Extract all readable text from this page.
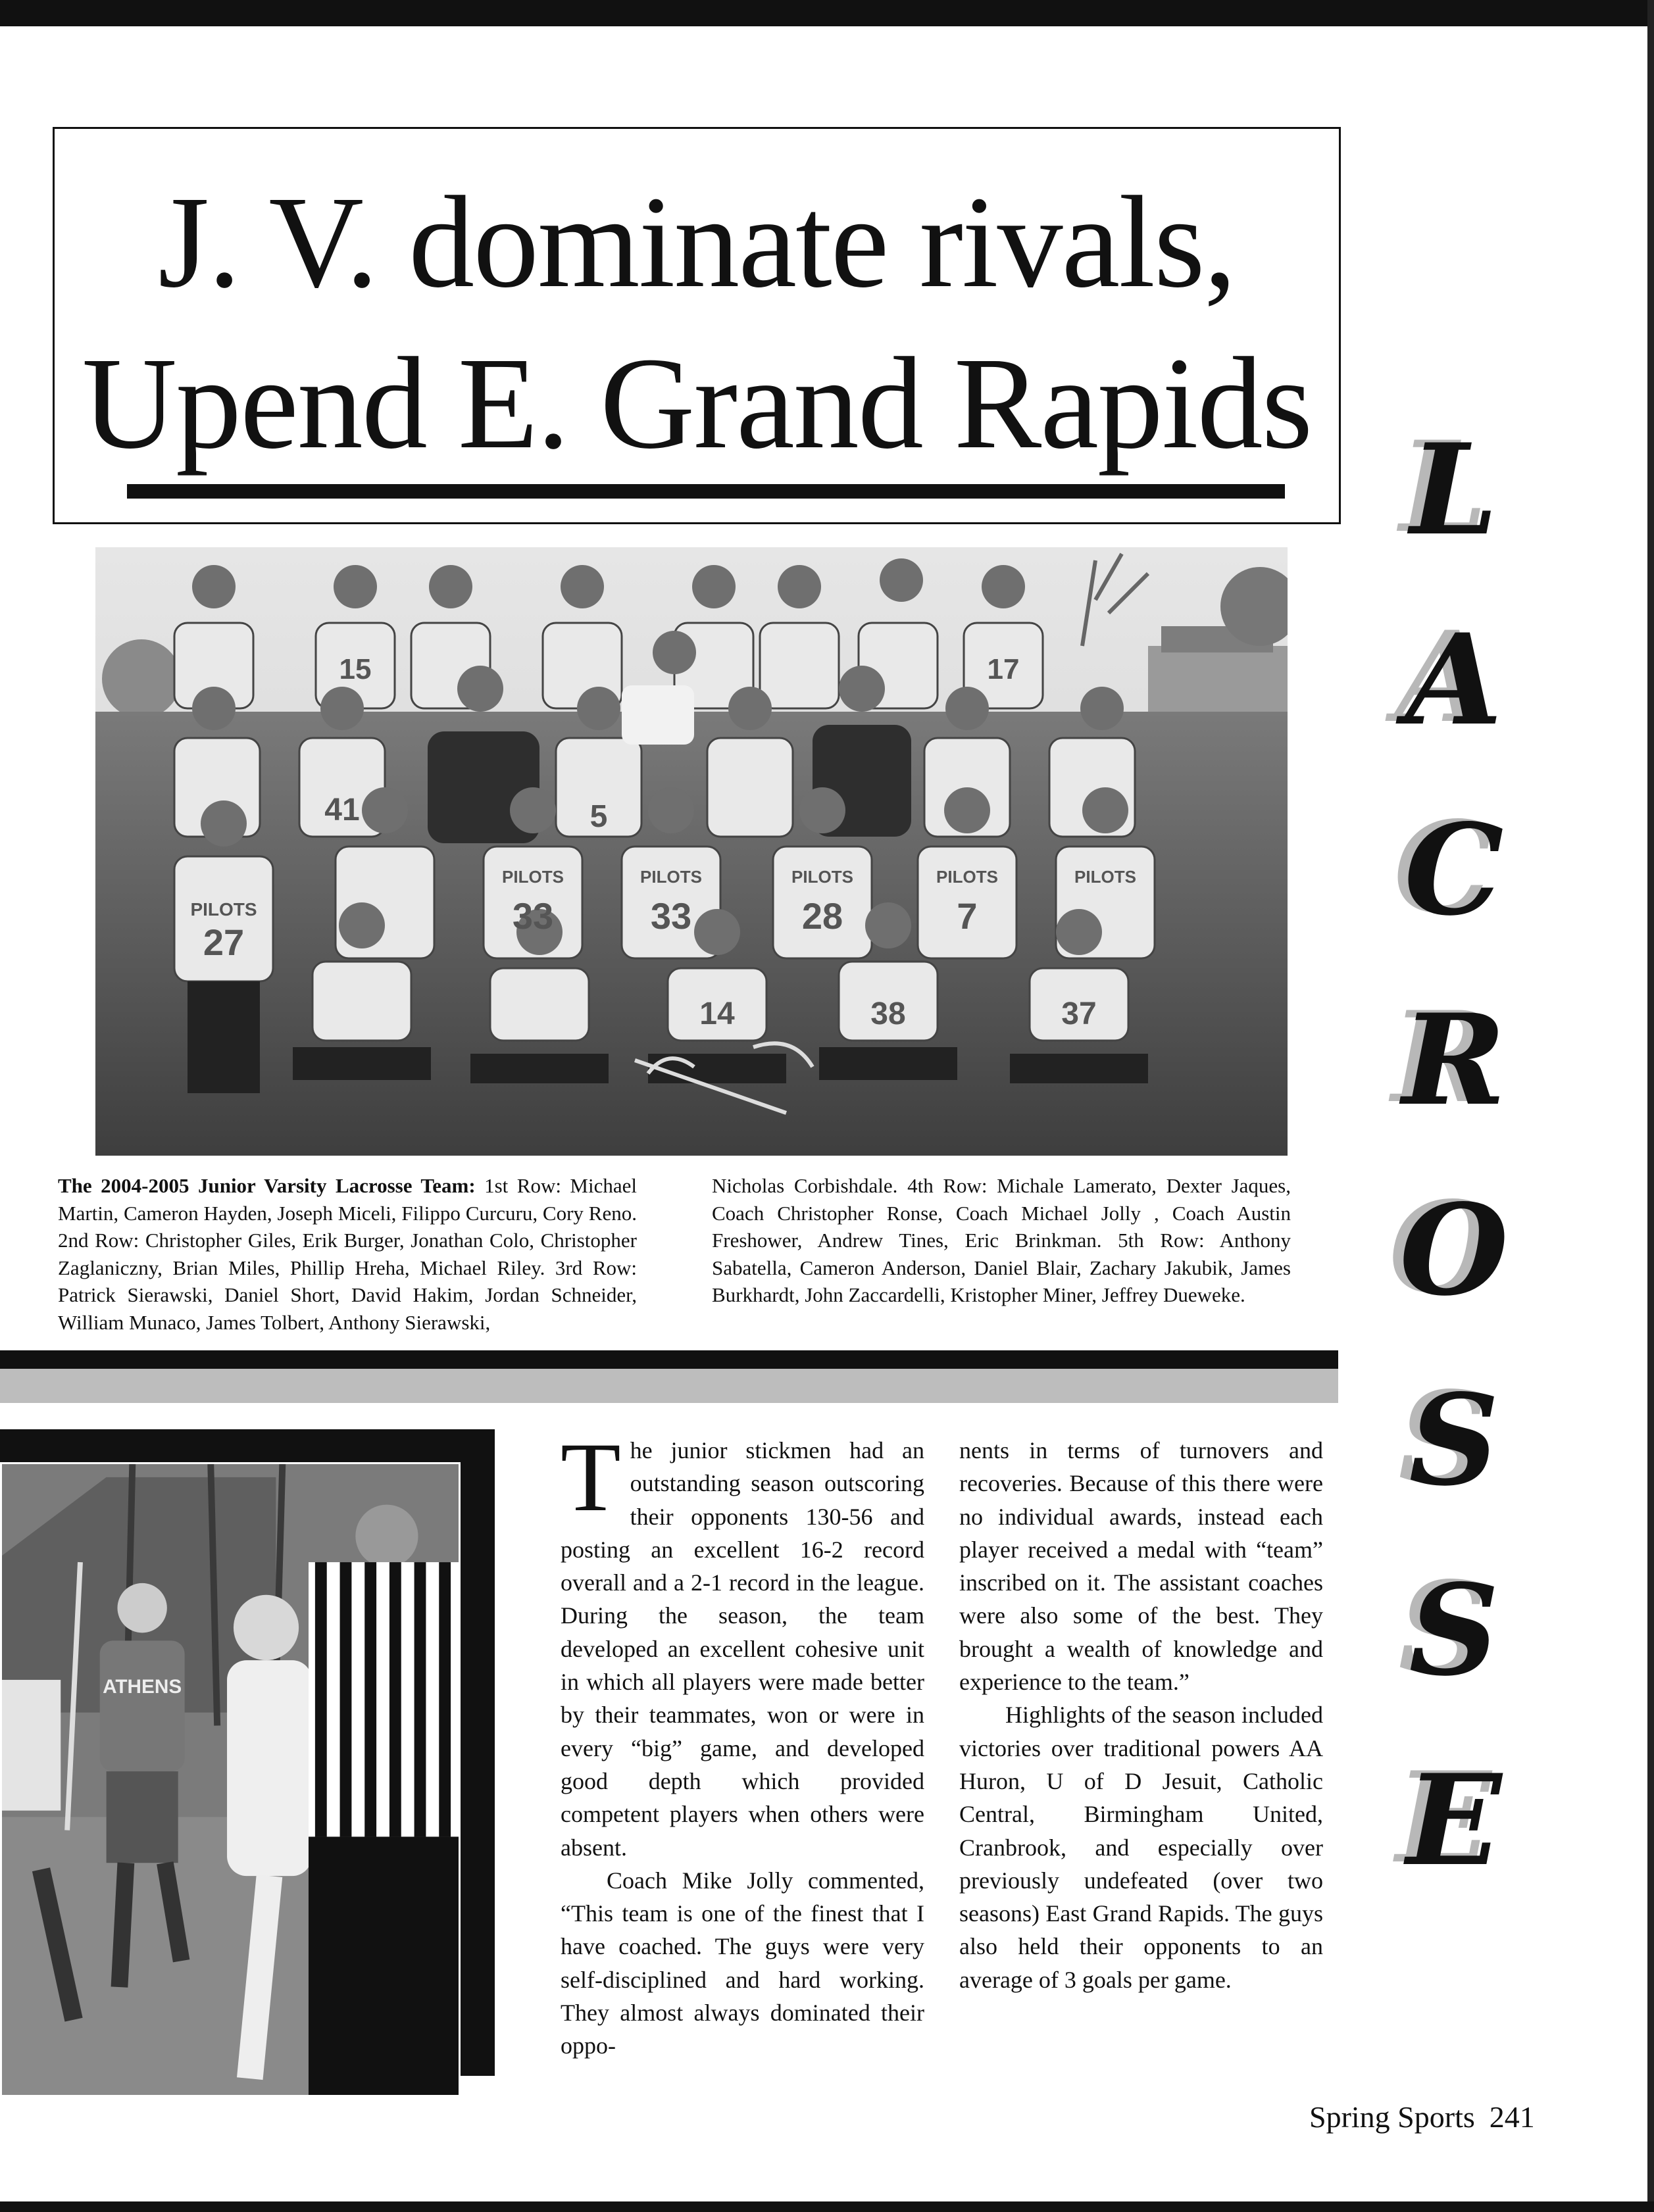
J. V. dominate rivals,
Upend E. Grand Rapids
L
A
C
R
O
S
S
E
27
41	5
33	33	28	7
15	17
14	38	37
PILOTS
PILOTS	PILOTS	PILOTS	PILOTS	PILOTS

The 2004-2005 Junior Varsity Lacrosse Team: 1st Row: Michael Martin, Cameron Hayden, Joseph Miceli, Filippo Curcuru, Cory Reno. 2nd Row: Christopher Giles, Erik Burger, Jonathan Colo, Christopher Zaglaniczny, Brian Miles, Phillip Hreha, Michael Riley. 3rd Row: Patrick Sierawski, Daniel Short, David Hakim, Jordan Schneider, William Munaco, James Tolbert, Anthony Sierawski,

Nicholas Corbishdale. 4th Row: Michale Lamerato, Dexter Jaques, Coach Christopher Ronse, Coach Michael Jolly , Coach Austin Freshower, Andrew Tines, Eric Brinkman. 5th Row: Anthony Sabatella, Cameron Anderson, Daniel Blair, Zachary Jakubik, James Burkhardt, John Zaccardelli, Kristopher Miner, Jeffrey Dueweke.

ATHENS

The junior stickmen had an outstanding season outscoring their opponents 130-56 and posting an excellent 16-2 record overall and a 2-1 record in the league. During the season, the team developed an excellent cohesive unit in which all players were made better by their teammates, won or were in every “big” game, and developed good depth which provided competent players when others were absent.

Coach Mike Jolly commented, “This team is one of the finest that I have coached. The guys were very self-disciplined and hard working. They almost always dominated their oppo-

nents in terms of turnovers and recoveries. Because of this there were no individual awards, instead each player received a medal with “team” inscribed on it. The assistant coaches were also some of the best. They brought a wealth of knowledge and experience to the team.”

Highlights of the season included victories over traditional powers AA Huron, U of D Jesuit, Catholic Central, Birmingham United, Cranbrook, and especially over previously undefeated (over two seasons) East Grand Rapids. The guys also held their opponents to an average of 3 goals per game.

Spring Sports 241
